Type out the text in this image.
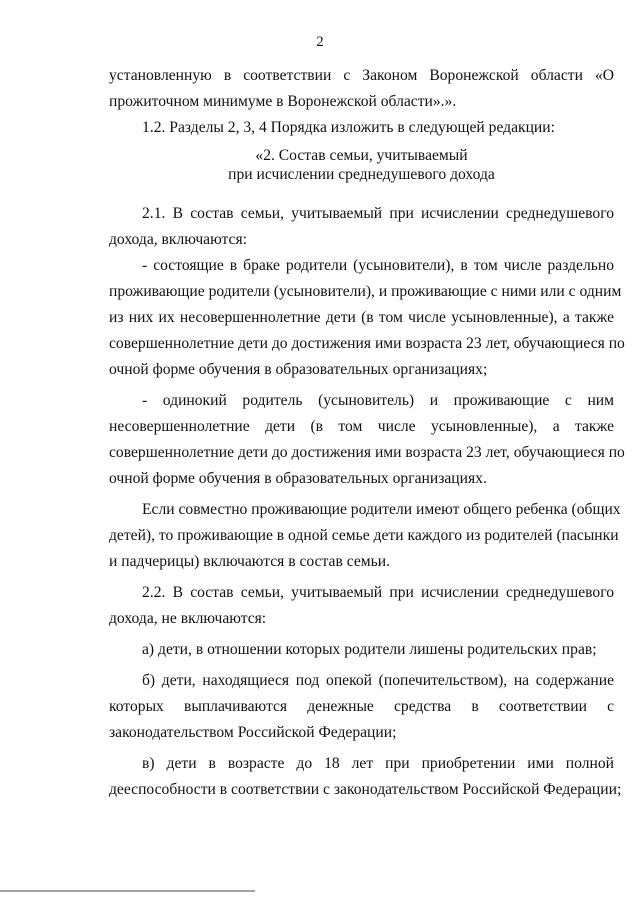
2
установленную в соответствии с Законом Воронежской области «О
прожиточном минимуме в Воронежской области».».
1.2. Разделы 2, 3, 4 Порядка изложить в следующей редакции:
«2. Состав семьи, учитываемый
при исчислении среднедушевого дохода
2.1. В состав семьи, учитываемый при исчислении среднедушевого
дохода, включаются:
- состоящие в браке родители (усыновители), в том числе раздельно
проживающие родители (усыновители), и проживающие с ними или с одним
из них их несовершеннолетние дети (в том числе усыновленные), а также
совершеннолетние дети до достижения ими возраста 23 лет, обучающиеся по
очной форме обучения в образовательных организациях;
- одинокий родитель (усыновитель) и проживающие с ним
несовершеннолетние дети (в том числе усыновленные), а также
совершеннолетние дети до достижения ими возраста 23 лет, обучающиеся по
очной форме обучения в образовательных организациях.
Если совместно проживающие родители имеют общего ребенка (общих
детей), то проживающие в одной семье дети каждого из родителей (пасынки
и падчерицы) включаются в состав семьи.
2.2. В состав семьи, учитываемый при исчислении среднедушевого
дохода, не включаются:
а) дети, в отношении которых родители лишены родительских прав;
б) дети, находящиеся под опекой (попечительством), на содержание
которых выплачиваются денежные средства в соответствии с
законодательством Российской Федерации;
в) дети в возрасте до 18 лет при приобретении ими полной
дееспособности в соответствии с законодательством Российской Федерации;
